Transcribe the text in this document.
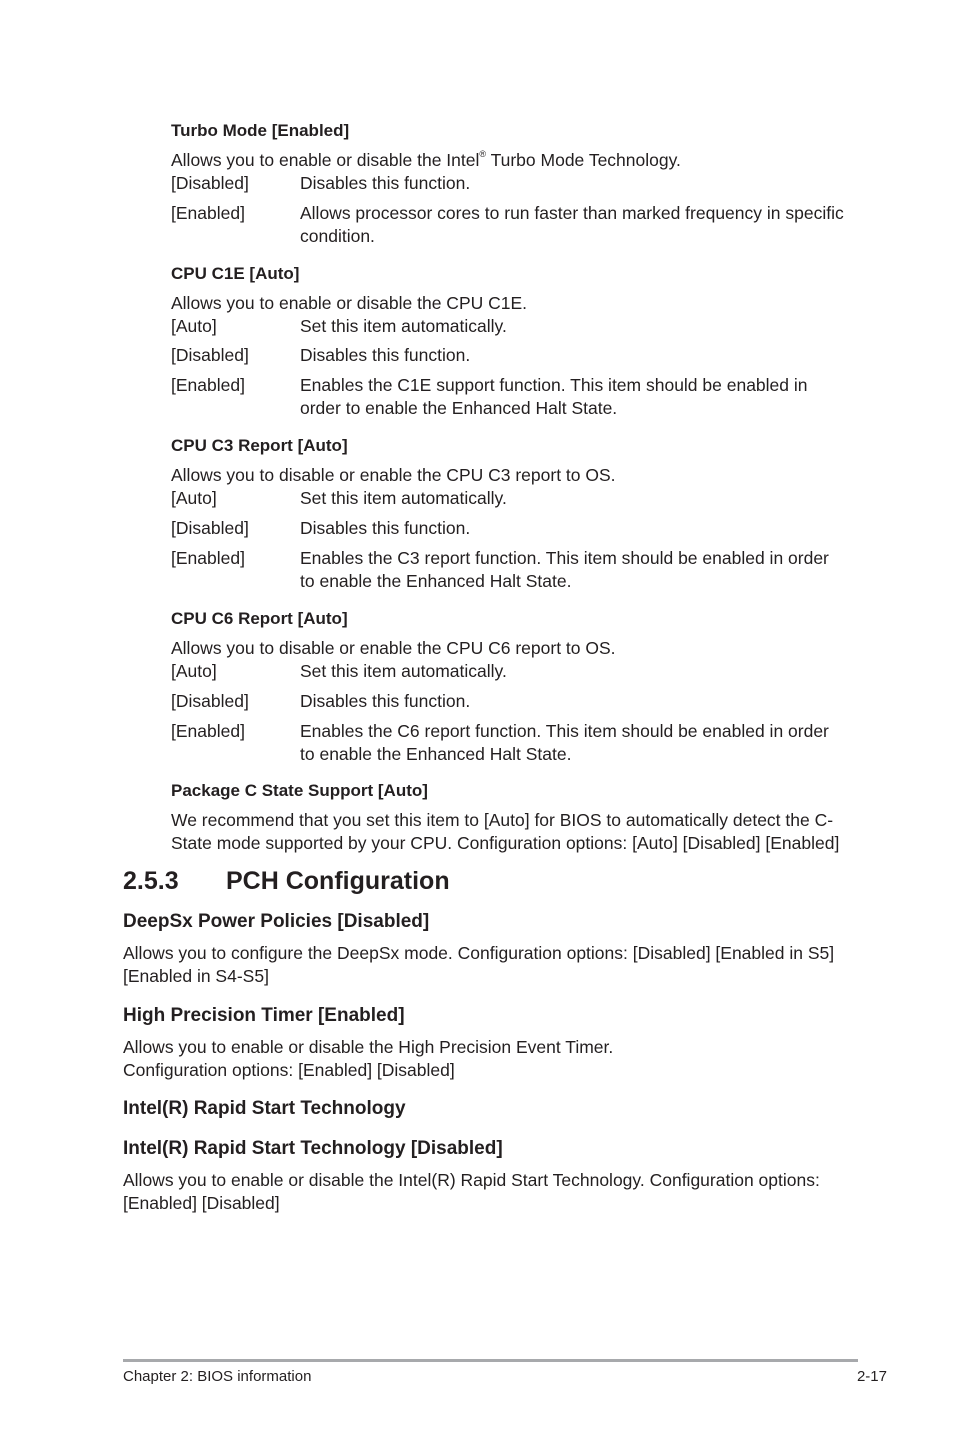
Turbo Mode [Enabled]
Allows you to enable or disable the Intel® Turbo Mode Technology.
[Disabled]	Disables this function.
[Enabled]	Allows processor cores to run faster than marked frequency in specific
condition.
CPU C1E [Auto]
Allows you to enable or disable the CPU C1E.
[Auto]	Set this item automatically.
[Disabled]	Disables this function.
[Enabled]	Enables the C1E support function. This item should be enabled in
order to enable the Enhanced Halt State.
CPU C3 Report [Auto]
Allows you to disable or enable the CPU C3 report to OS.
[Auto]	Set this item automatically.
[Disabled]	Disables this function.
[Enabled]	Enables the C3 report function. This item should be enabled in order
to enable the Enhanced Halt State.
CPU C6 Report [Auto]
Allows you to disable or enable the CPU C6 report to OS.
[Auto]	Set this item automatically.
[Disabled]	Disables this function.
[Enabled]	Enables the C6 report function. This item should be enabled in order
to enable the Enhanced Halt State.
Package C State Support [Auto]
We recommend that you set this item to [Auto] for BIOS to automatically detect the C-
State mode supported by your CPU. Configuration options: [Auto] [Disabled] [Enabled]
2.5.3 PCH Configuration
DeepSx Power Policies [Disabled]
Allows you to configure the DeepSx mode. Configuration options: [Disabled] [Enabled in S5]
[Enabled in S4-S5]
High Precision Timer [Enabled]
Allows you to enable or disable the High Precision Event Timer.
Configuration options: [Enabled] [Disabled]
Intel(R) Rapid Start Technology
Intel(R) Rapid Start Technology [Disabled]
Allows you to enable or disable the Intel(R) Rapid Start Technology. Configuration options:
[Enabled] [Disabled]
Chapter 2: BIOS information	2-17
